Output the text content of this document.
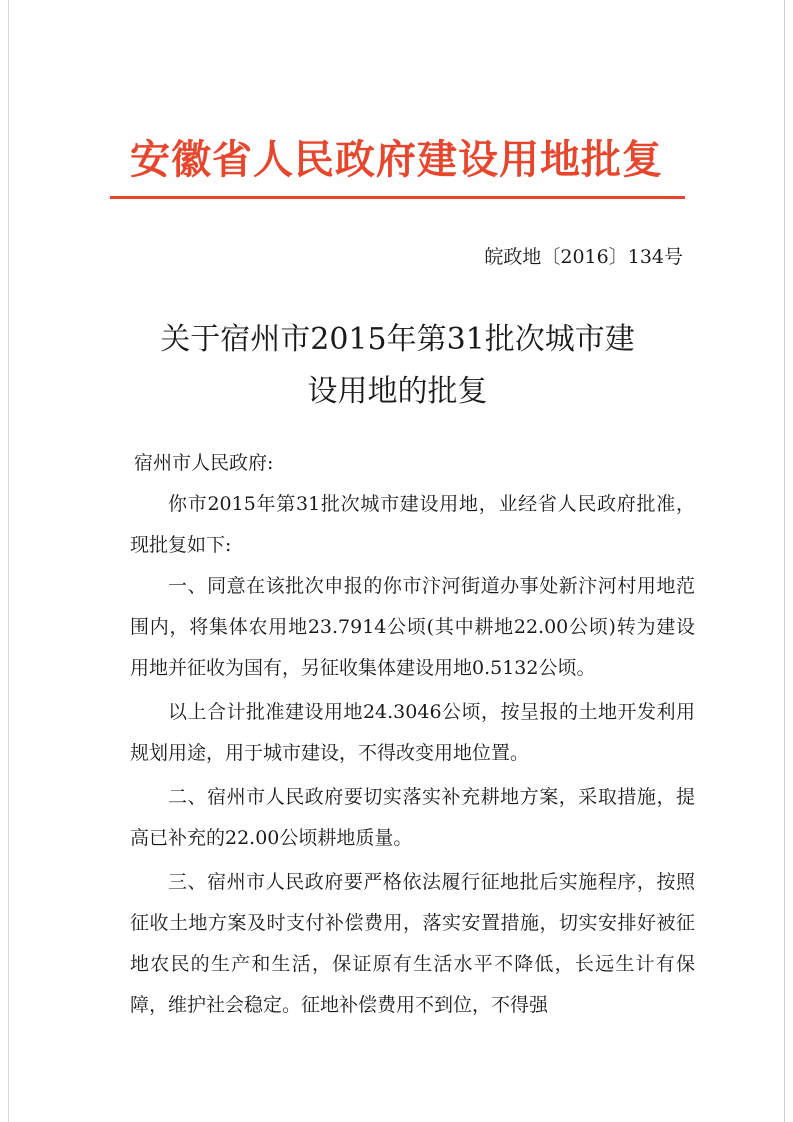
安徽省人民政府建设用地批复
皖政地〔2016〕134号
关于宿州市2015年第31批次城市建
设用地的批复

宿州市人民政府:

你市2015年第31批次城市建设用地，业经省人民政府批准，现批复如下:

一、同意在该批次申报的你市汴河街道办事处新汴河村用地范围内，将集体农用地23.7914公顷(其中耕地22.00公顷)转为建设用地并征收为国有，另征收集体建设用地0.5132公顷。

以上合计批准建设用地24.3046公顷，按呈报的土地开发利用规划用途，用于城市建设，不得改变用地位置。

二、宿州市人民政府要切实落实补充耕地方案，采取措施，提高已补充的22.00公顷耕地质量。

三、宿州市人民政府要严格依法履行征地批后实施程序，按照征收土地方案及时支付补偿费用，落实安置措施，切实安排好被征地农民的生产和生活，保证原有生活水平不降低，长远生计有保障，维护社会稳定。征地补偿费用不到位，不得强
